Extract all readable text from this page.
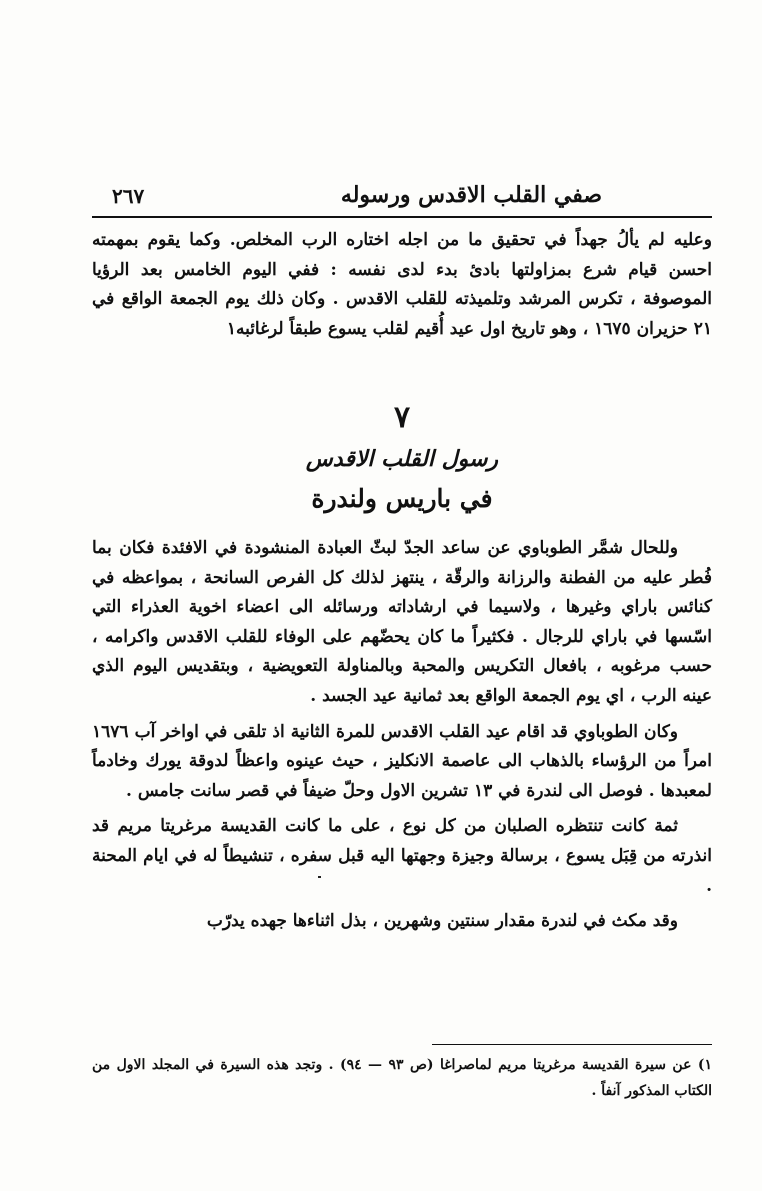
صفي القلب الاقدس ورسوله
٢٦٧

وعليه لم يألُ جهداً في تحقيق ما من اجله اختاره الرب المخلص. وكما يقوم بمهمته احسن قيام شرع بمزاولتها بادئ بدء لدى نفسه : ففي اليوم الخامس بعد الرؤيا الموصوفة ، تكرس المرشد وتلميذته للقلب الاقدس . وكان ذلك يوم الجمعة الواقع في ٢١ حزيران ١٦٧٥ ، وهو تاريخ اول عيد أُقيم لقلب يسوع طبقاً لرغائبه١

٧
رسول القلب الاقدس
في باريس ولندرة

وللحال شمَّر الطوباوي عن ساعد الجدّ لبثّ العبادة المنشودة في الافئدة فكان بما فُطر عليه من الفطنة والرزانة والرقّة ، ينتهز لذلك كل الفرص السانحة ، بمواعظه في كنائس باراي وغيرها ، ولاسيما في ارشاداته ورسائله الى اعضاء اخوية العذراء التي اسّسها في باراي للرجال . فكثيراً ما كان يحضّهم على الوفاء للقلب الاقدس واكرامه ، حسب مرغوبه ، بافعال التكريس والمحبة وبالمناولة التعويضية ، وبتقديس اليوم الذي عينه الرب ، اي يوم الجمعة الواقع بعد ثمانية عيد الجسد .

وكان الطوباوي قد اقام عيد القلب الاقدس للمرة الثانية اذ تلقى في اواخر آب ١٦٧٦ امراً من الرؤساء بالذهاب الى عاصمة الانكليز ، حيث عينوه واعظاً لدوقة يورك وخادماً لمعبدها . فوصل الى لندرة في ١٣ تشرين الاول وحلّ ضيفاً في قصر سانت جامس .

ثمة كانت تنتظره الصلبان من كل نوع ، على ما كانت القديسة مرغريتا مريم قد انذرته من قِبَل يسوع ، برسالة وجيزة وجهتها اليه قبل سفره ، تنشيطاً له في ايام المحنة .

وقد مكث في لندرة مقدار سنتين وشهرين ، بذل اثناءها جهده يدرّب

١) عن سيرة القديسة مرغريتا مريم لماصراغا (ص ٩٣ — ٩٤) . وتجد هذه السيرة في المجلد الاول من الكتاب المذكور آنفاً .
